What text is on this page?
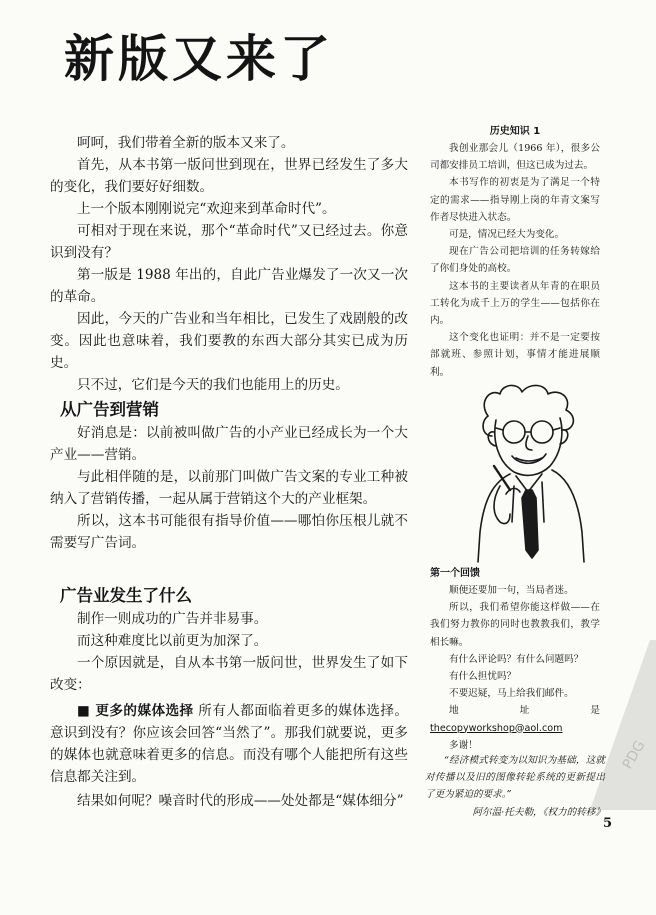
新版又来了

呵呵，我们带着全新的版本又来了。

首先，从本书第一版问世到现在，世界已经发生了多大的变化，我们要好好细数。

上一个版本刚刚说完“欢迎来到革命时代”。

可相对于现在来说，那个“革命时代”又已经过去。你意识到没有？

第一版是 1988 年出的，自此广告业爆发了一次又一次的革命。

因此，今天的广告业和当年相比，已发生了戏剧般的改变。因此也意味着，我们要教的东西大部分其实已成为历史。

只不过，它们是今天的我们也能用上的历史。

从广告到营销

好消息是：以前被叫做广告的小产业已经成长为一个大产业——营销。

与此相伴随的是，以前那门叫做广告文案的专业工种被纳入了营销传播，一起从属于营销这个大的产业框架。

所以，这本书可能很有指导价值——哪怕你压根儿就不需要写广告词。

广告业发生了什么

制作一则成功的广告并非易事。

而这种难度比以前更为加深了。

一个原因就是，自从本书第一版问世，世界发生了如下改变：

■ 更多的媒体选择 所有人都面临着更多的媒体选择。意识到没有？你应该会回答“当然了”。那我们就要说，更多的媒体也就意味着更多的信息。而没有哪个人能把所有这些信息都关注到。

结果如何呢？噪音时代的形成——处处都是“媒体细分”

历史知识 1

我创业那会儿（1966 年），很多公司都安排员工培训，但这已成为过去。

本书写作的初衷是为了满足一个特定的需求——指导刚上岗的年青文案写作者尽快进入状态。

可是，情况已经大为变化。

现在广告公司把培训的任务转嫁给了你们身处的高校。

这本书的主要读者从年青的在职员工转化为成千上万的学生——包括你在内。

这个变化也证明：并不是一定要按部就班、参照计划，事情才能进展顺利。

第一个回馈

顺便还要加一句，当局者迷。

所以，我们希望你能这样做——在我们努力教你的同时也教教我们，教学相长嘛。

有什么评论吗？有什么问题吗？

有什么担忧吗？

不要迟疑，马上给我们邮件。

地址是 thecopyworkshop@aol.com

多谢！

“经济模式转变为以知识为基础，这就对传播以及旧的图像转轮系统的更新提出了更为紧迫的要求。”

阿尔温·托夫勒，《权力的转移》

PDG
5
